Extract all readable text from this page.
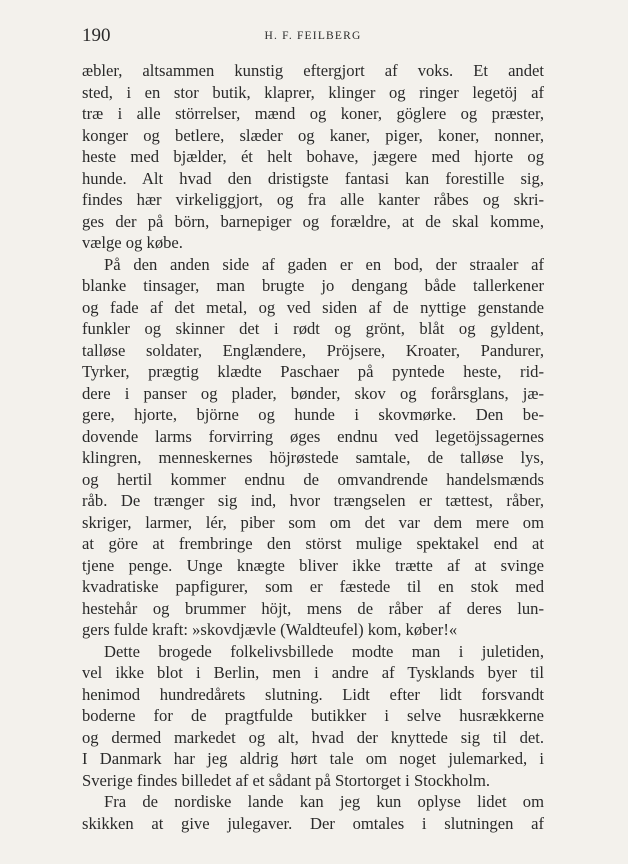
190	H. F. FEILBERG
æbler, altsammen kunstig eftergjort af voks. Et andet
sted, i en stor butik, klaprer, klinger og ringer legetöj af
træ i alle störrelser, mænd og koner, göglere og præster,
konger og betlere, slæder og kaner, piger, koner, nonner,
heste med bjælder, ét helt bohave, jægere med hjorte og
hunde. Alt hvad den dristigste fantasi kan forestille sig,
findes hær virkeliggjort, og fra alle kanter råbes og skri-
ges der på börn, barnepiger og forældre, at de skal komme,
vælge og købe.
På den anden side af gaden er en bod, der straaler af
blanke tinsager, man brugte jo dengang både tallerkener
og fade af det metal, og ved siden af de nyttige genstande
funkler og skinner det i rødt og grönt, blåt og gyldent,
talløse soldater, Englændere, Pröjsere, Kroater, Pandurer,
Tyrker, prægtig klædte Paschaer på pyntede heste, rid-
dere i panser og plader, bønder, skov og forårsglans, jæ-
gere, hjorte, björne og hunde i skovmørke. Den be-
dovende larms forvirring øges endnu ved legetöjssagernes
klingren, menneskernes höjrøstede samtale, de talløse lys,
og hertil kommer endnu de omvandrende handelsmænds
råb. De trænger sig ind, hvor trængselen er tættest, råber,
skriger, larmer, lér, piber som om det var dem mere om
at göre at frembringe den störst mulige spektakel end at
tjene penge. Unge knægte bliver ikke trætte af at svinge
kvadratiske papfigurer, som er fæstede til en stok med
hestehår og brummer höjt, mens de råber af deres lun-
gers fulde kraft: »skovdjævle (Waldteufel) kom, køber!«
Dette brogede folkelivsbillede modte man i juletiden,
vel ikke blot i Berlin, men i andre af Tysklands byer til
henimod hundredårets slutning. Lidt efter lidt forsvandt
boderne for de pragtfulde butikker i selve husrækkerne
og dermed markedet og alt, hvad der knyttede sig til det.
I Danmark har jeg aldrig hørt tale om noget julemarked, i
Sverige findes billedet af et sådant på Stortorget i Stockholm.
Fra de nordiske lande kan jeg kun oplyse lidet om
skikken at give julegaver. Der omtales i slutningen af
